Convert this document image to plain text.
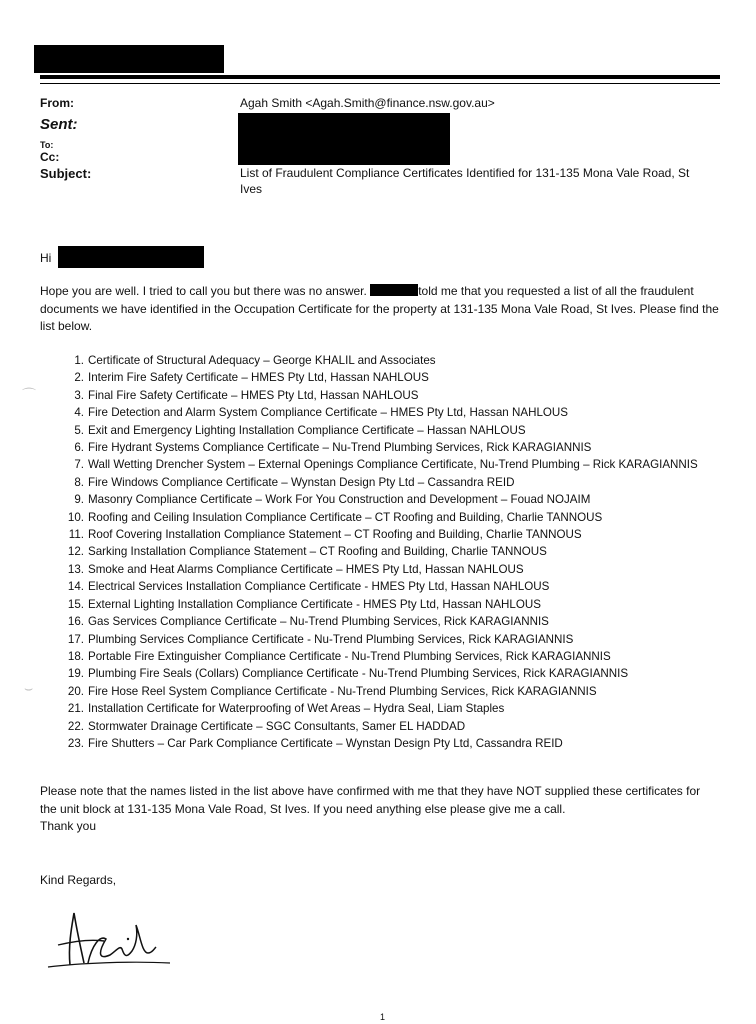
From:	Agah Smith <Agah.Smith@finance.nsw.gov.au>
Sent:
To:
Cc:
Subject:	List of Fraudulent Compliance Certificates Identified for 131-135 Mona Vale Road, St Ives
Hi
Hope you are well. I tried to call you but there was no answer.	told me that you requested a list of all the fraudulent documents we have identified in the Occupation Certificate for the property at 131-135 Mona Vale Road, St Ives. Please find the list below.
1. Certificate of Structural Adequacy – George KHALIL and Associates
2. Interim Fire Safety Certificate – HMES Pty Ltd, Hassan NAHLOUS
3. Final Fire Safety Certificate – HMES Pty Ltd, Hassan NAHLOUS
4. Fire Detection and Alarm System Compliance Certificate – HMES Pty Ltd, Hassan NAHLOUS
5. Exit and Emergency Lighting Installation Compliance Certificate – Hassan NAHLOUS
6. Fire Hydrant Systems Compliance Certificate – Nu-Trend Plumbing Services, Rick KARAGIANNIS
7. Wall Wetting Drencher System – External Openings Compliance Certificate, Nu-Trend Plumbing – Rick KARAGIANNIS
8. Fire Windows Compliance Certificate – Wynstan Design Pty Ltd – Cassandra REID
9. Masonry Compliance Certificate – Work For You Construction and Development – Fouad NOJAIM
10. Roofing and Ceiling Insulation Compliance Certificate – CT Roofing and Building, Charlie TANNOUS
11. Roof Covering Installation Compliance Statement – CT Roofing and Building, Charlie TANNOUS
12. Sarking Installation Compliance Statement – CT Roofing and Building, Charlie TANNOUS
13. Smoke and Heat Alarms Compliance Certificate – HMES Pty Ltd, Hassan NAHLOUS
14. Electrical Services Installation Compliance Certificate - HMES Pty Ltd, Hassan NAHLOUS
15. External Lighting Installation Compliance Certificate - HMES Pty Ltd, Hassan NAHLOUS
16. Gas Services Compliance Certificate – Nu-Trend Plumbing Services, Rick KARAGIANNIS
17. Plumbing Services Compliance Certificate - Nu-Trend Plumbing Services, Rick KARAGIANNIS
18. Portable Fire Extinguisher Compliance Certificate - Nu-Trend Plumbing Services, Rick KARAGIANNIS
19. Plumbing Fire Seals (Collars) Compliance Certificate - Nu-Trend Plumbing Services, Rick KARAGIANNIS
20. Fire Hose Reel System Compliance Certificate - Nu-Trend Plumbing Services, Rick KARAGIANNIS
21. Installation Certificate for Waterproofing of Wet Areas – Hydra Seal, Liam Staples
22. Stormwater Drainage Certificate – SGC Consultants, Samer EL HADDAD
23. Fire Shutters – Car Park Compliance Certificate – Wynstan Design Pty Ltd, Cassandra REID
Please note that the names listed in the list above have confirmed with me that they have NOT supplied these certificates for the unit block at 131-135 Mona Vale Road, St Ives. If you need anything else please give me a call.
Thank you
Kind Regards,
⌒
⌣
1
